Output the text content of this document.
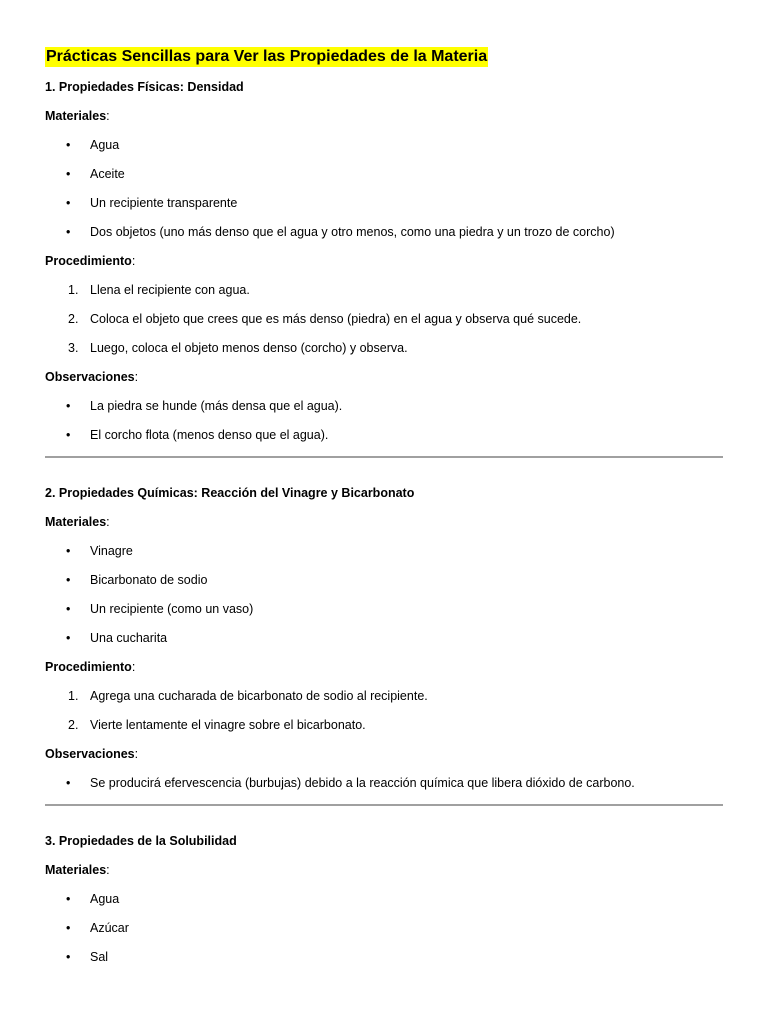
Prácticas Sencillas para Ver las Propiedades de la Materia
1. Propiedades Físicas: Densidad
Materiales:
• Agua
• Aceite
• Un recipiente transparente
• Dos objetos (uno más denso que el agua y otro menos, como una piedra y un trozo de corcho)
Procedimiento:
1. Llena el recipiente con agua.
2. Coloca el objeto que crees que es más denso (piedra) en el agua y observa qué sucede.
3. Luego, coloca el objeto menos denso (corcho) y observa.
Observaciones:
• La piedra se hunde (más densa que el agua).
• El corcho flota (menos denso que el agua).
2. Propiedades Químicas: Reacción del Vinagre y Bicarbonato
Materiales:
• Vinagre
• Bicarbonato de sodio
• Un recipiente (como un vaso)
• Una cucharita
Procedimiento:
1. Agrega una cucharada de bicarbonato de sodio al recipiente.
2. Vierte lentamente el vinagre sobre el bicarbonato.
Observaciones:
• Se producirá efervescencia (burbujas) debido a la reacción química que libera dióxido de carbono.
3. Propiedades de la Solubilidad
Materiales:
• Agua
• Azúcar
• Sal
